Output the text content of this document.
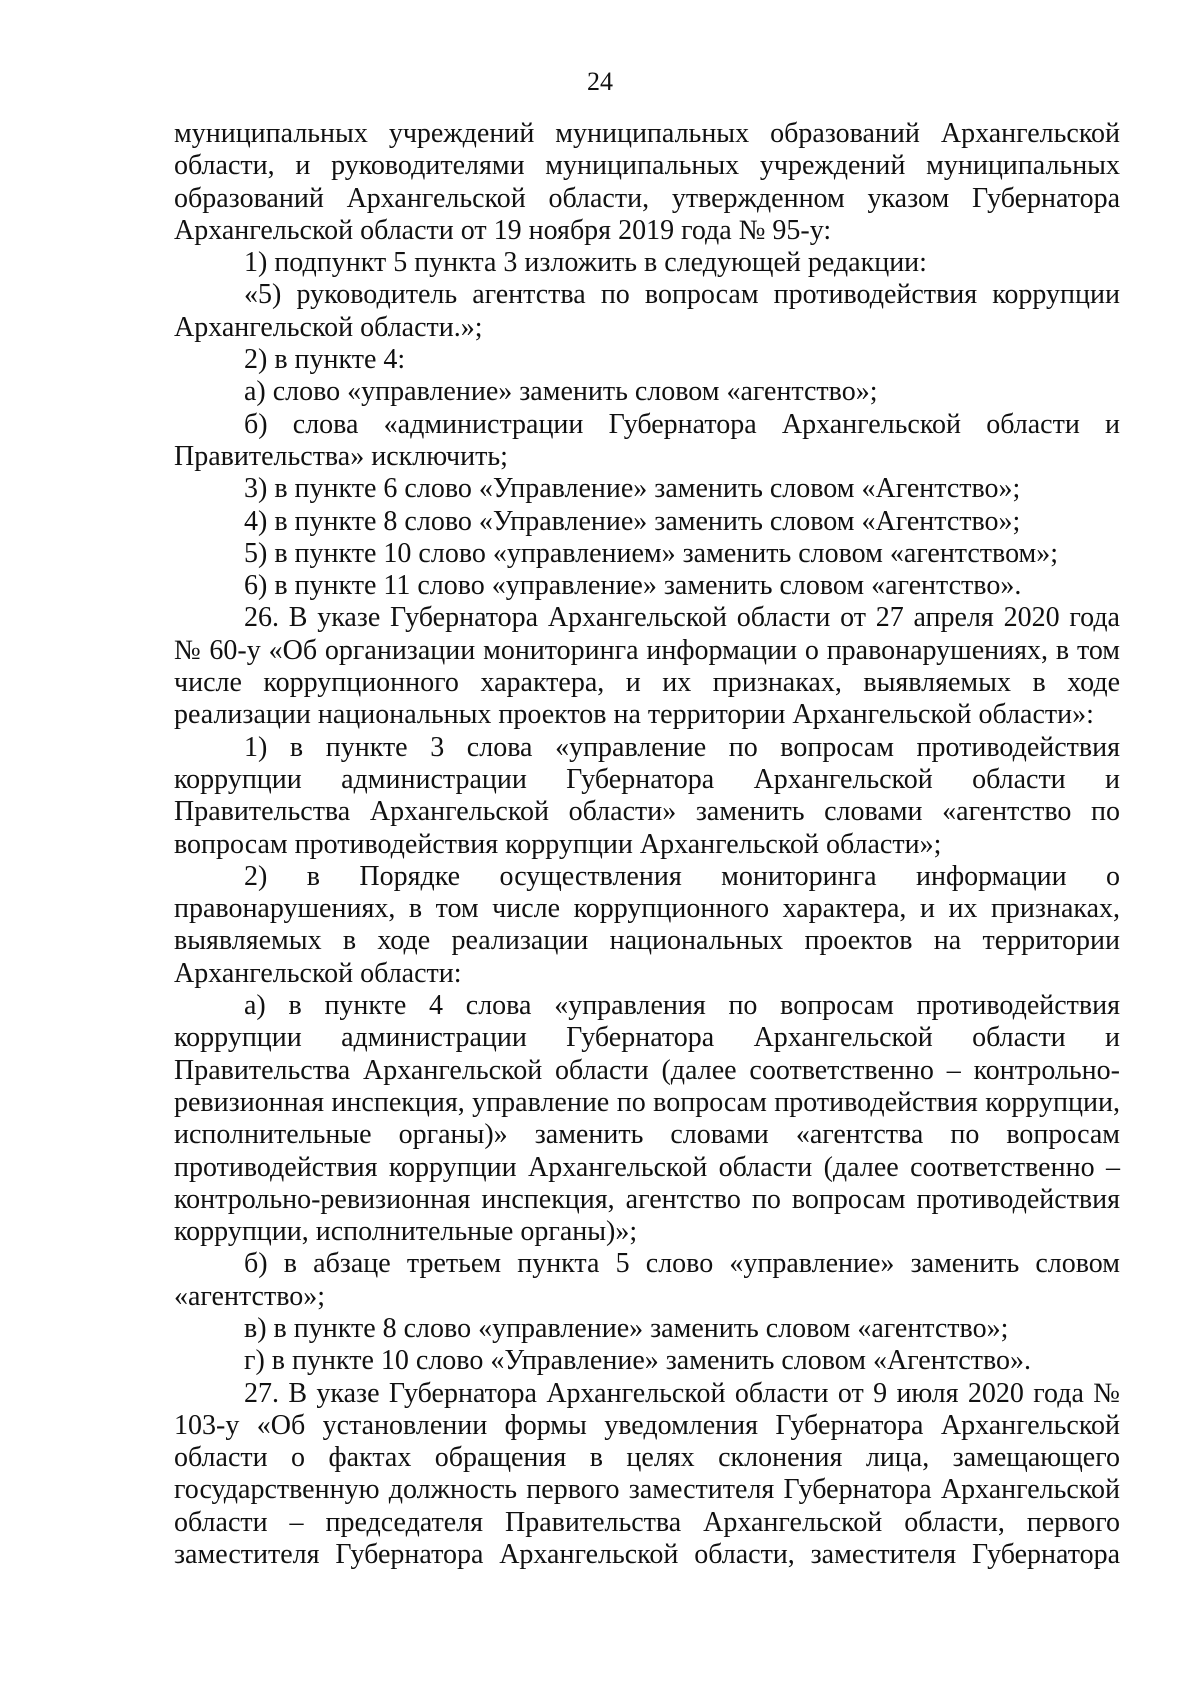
24

муниципальных учреждений муниципальных образований Архангельской области, и руководителями муниципальных учреждений муниципальных образований Архангельской области, утвержденном указом Губернатора Архангельской области от 19 ноября 2019 года № 95-у:

1) подпункт 5 пункта 3 изложить в следующей редакции:

«5) руководитель агентства по вопросам противодействия коррупции Архангельской области.»;

2) в пункте 4:

а) слово «управление» заменить словом «агентство»;

б) слова «администрации Губернатора Архангельской области и Правительства» исключить;

3) в пункте 6 слово «Управление» заменить словом «Агентство»;

4) в пункте 8 слово «Управление» заменить словом «Агентство»;

5) в пункте 10 слово «управлением» заменить словом «агентством»;

6) в пункте 11 слово «управление» заменить словом «агентство».

26. В указе Губернатора Архангельской области от 27 апреля 2020 года № 60-у «Об организации мониторинга информации о правонарушениях, в том числе коррупционного характера, и их признаках, выявляемых в ходе реализации национальных проектов на территории Архангельской области»:

1) в пункте 3 слова «управление по вопросам противодействия коррупции администрации Губернатора Архангельской области и Правительства Архангельской области» заменить словами «агентство по вопросам противодействия коррупции Архангельской области»;

2) в Порядке осуществления мониторинга информации о правонарушениях, в том числе коррупционного характера, и их признаках, выявляемых в ходе реализации национальных проектов на территории Архангельской области:

а) в пункте 4 слова «управления по вопросам противодействия коррупции администрации Губернатора Архангельской области и Правительства Архангельской области (далее соответственно – контрольно-ревизионная инспекция, управление по вопросам противодействия коррупции, исполнительные органы)» заменить словами «агентства по вопросам противодействия коррупции Архангельской области (далее соответственно – контрольно-ревизионная инспекция, агентство по вопросам противодействия коррупции, исполнительные органы)»;

б) в абзаце третьем пункта 5 слово «управление» заменить словом «агентство»;

в) в пункте 8 слово «управление» заменить словом «агентство»;

г) в пункте 10 слово «Управление» заменить словом «Агентство».

27. В указе Губернатора Архангельской области от 9 июля 2020 года № 103-у «Об установлении формы уведомления Губернатора Архангельской области о фактах обращения в целях склонения лица, замещающего государственную должность первого заместителя Губернатора Архангельской области – председателя Правительства Архангельской области, первого заместителя Губернатора Архангельской области, заместителя Губернатора
